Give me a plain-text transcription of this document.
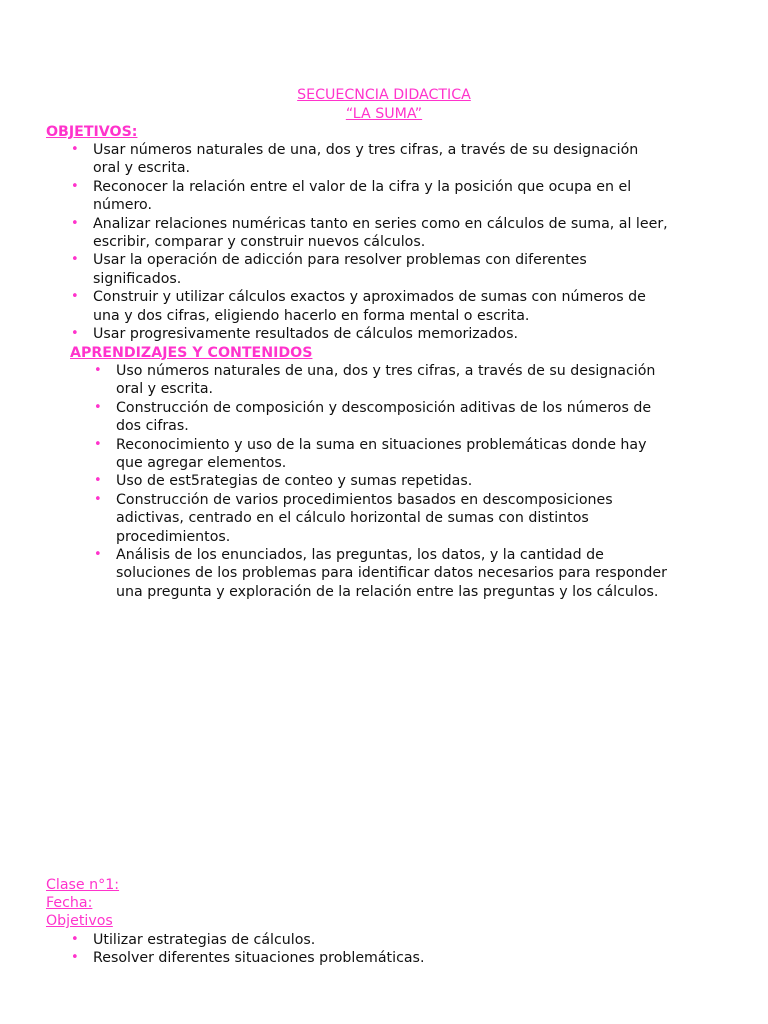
SECUECNCIA DIDACTICA
“LA SUMA”
OBJETIVOS:
• Usar números naturales de una, dos y tres cifras, a través de su designación
oral y escrita.
• Reconocer la relación entre el valor de la cifra y la posición que ocupa en el
número.
• Analizar relaciones numéricas tanto en series como en cálculos de suma, al leer,
escribir, comparar y construir nuevos cálculos.
• Usar la operación de adicción para resolver problemas con diferentes
significados.
• Construir y utilizar cálculos exactos y aproximados de sumas con números de
una y dos cifras, eligiendo hacerlo en forma mental o escrita.
• Usar progresivamente resultados de cálculos memorizados.
APRENDIZAJES Y CONTENIDOS
• Uso números naturales de una, dos y tres cifras, a través de su designación
oral y escrita.
• Construcción de composición y descomposición aditivas de los números de
dos cifras.
• Reconocimiento y uso de la suma en situaciones problemáticas donde hay
que agregar elementos.
• Uso de est5rategias de conteo y sumas repetidas.
• Construcción de varios procedimientos basados en descomposiciones
adictivas, centrado en el cálculo horizontal de sumas con distintos
procedimientos.
• Análisis de los enunciados, las preguntas, los datos, y la cantidad de
soluciones de los problemas para identificar datos necesarios para responder
una pregunta y exploración de la relación entre las preguntas y los cálculos.
Clase n°1:
Fecha:
Objetivos
• Utilizar estrategias de cálculos.
• Resolver diferentes situaciones problemáticas.
